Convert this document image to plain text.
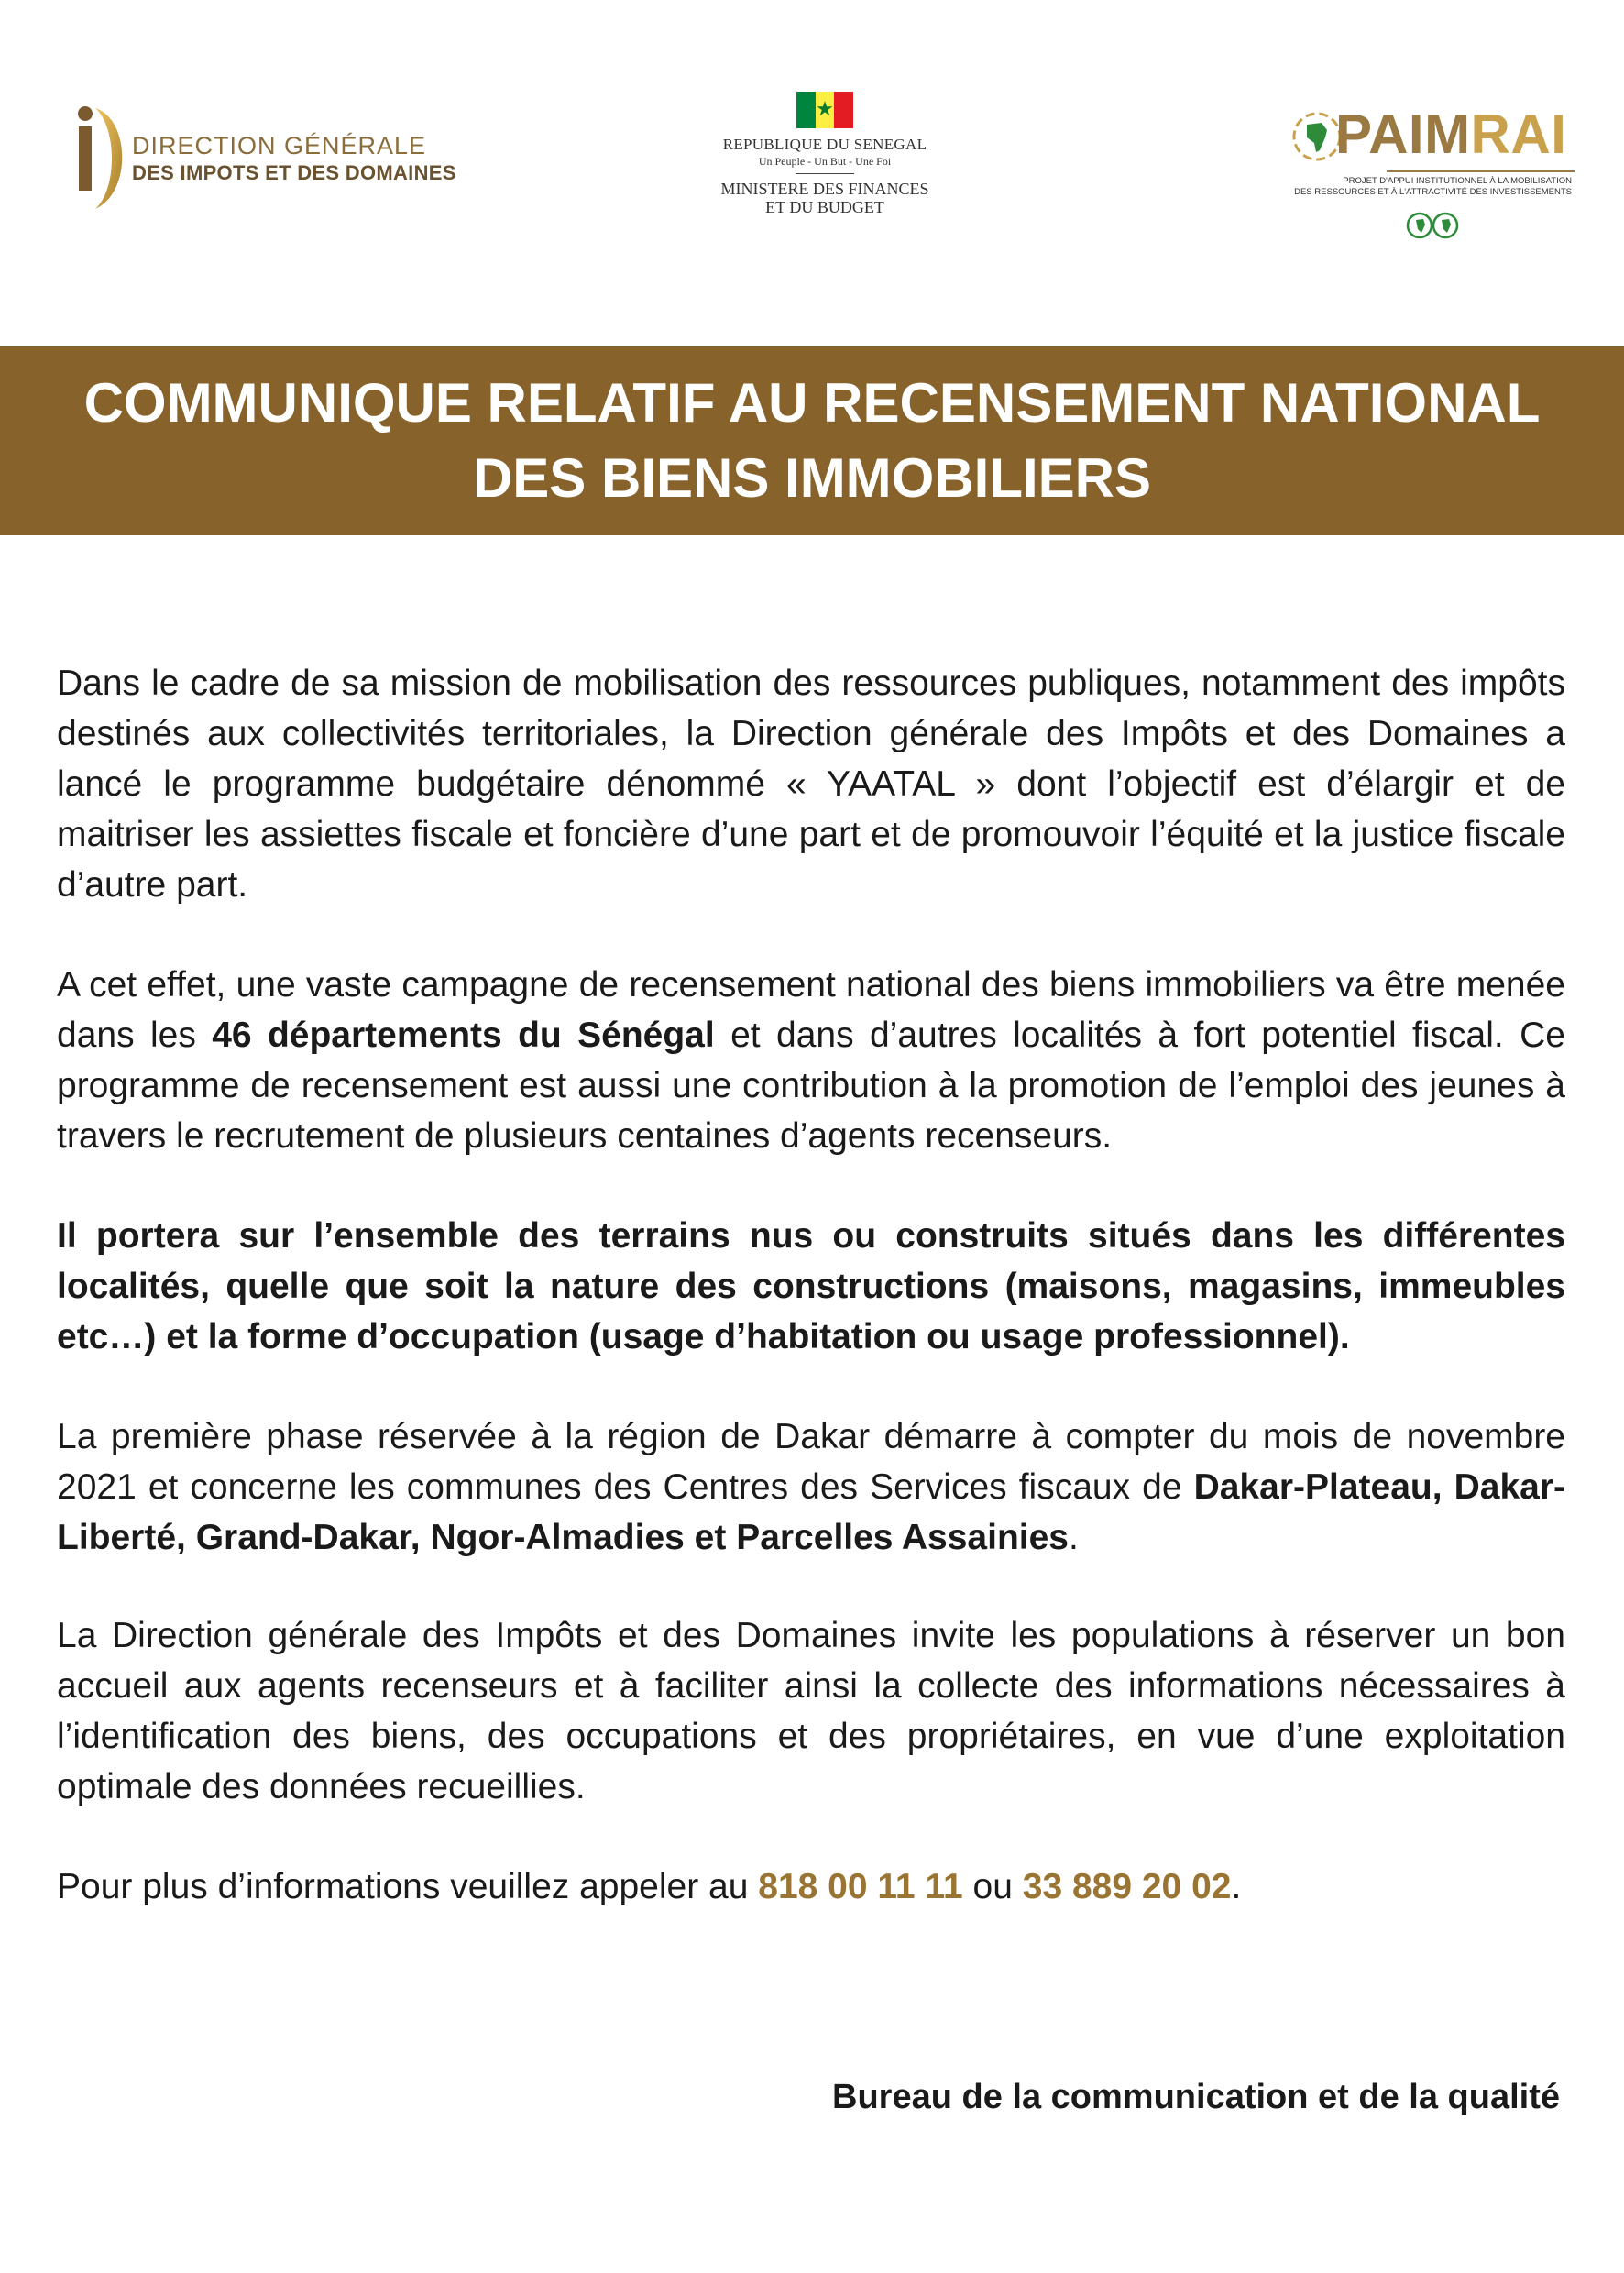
DIRECTION GÉNÉRALE
DES IMPOTS ET DES DOMAINES
★
REPUBLIQUE DU SENEGAL
Un Peuple - Un But - Une Foi
MINISTERE DES FINANCES
ET DU BUDGET
PAIMRAI
PROJET D'APPUI INSTITUTIONNEL À LA MOBILISATION
DES RESSOURCES ET À L'ATTRACTIVITÉ DES INVESTISSEMENTS
COMMUNIQUE RELATIF AU RECENSEMENT NATIONAL
DES BIENS IMMOBILIERS

Dans le cadre de sa mission de mobilisation des ressources publiques, notamment des impôts destinés aux collectivités territoriales, la Direction générale des Impôts et des Domaines a lancé le programme budgétaire dénommé « YAATAL » dont l’objectif est d’élargir et de maitriser les assiettes fiscale et foncière d’une part et de promouvoir l’équité et la justice fiscale d’autre part.

A cet effet, une vaste campagne de recensement national des biens immobiliers va être menée dans les 46 départements du Sénégal et dans d’autres localités à fort potentiel fiscal. Ce programme de recensement est aussi une contribution à la promotion de l’emploi des jeunes à travers le recrutement de plusieurs centaines d’agents recenseurs.

Il portera sur l’ensemble des terrains nus ou construits situés dans les différentes localités, quelle que soit la nature des constructions (maisons, magasins, immeubles etc…) et la forme d’occupation (usage d’habitation ou usage professionnel).

La première phase réservée à la région de Dakar démarre à compter du mois de novembre 2021 et concerne les communes des Centres des Services fiscaux de Dakar-Plateau, Dakar-Liberté, Grand-Dakar, Ngor-Almadies et Parcelles Assainies.

La Direction générale des Impôts et des Domaines invite les populations à réserver un bon accueil aux agents recenseurs et à faciliter ainsi la collecte des informations nécessaires à l’identification des biens, des occupations et des propriétaires, en vue d’une exploitation optimale des données recueillies.

Pour plus d’informations veuillez appeler au 818 00 11 11 ou 33 889 20 02.

Bureau de la communication et de la qualité
